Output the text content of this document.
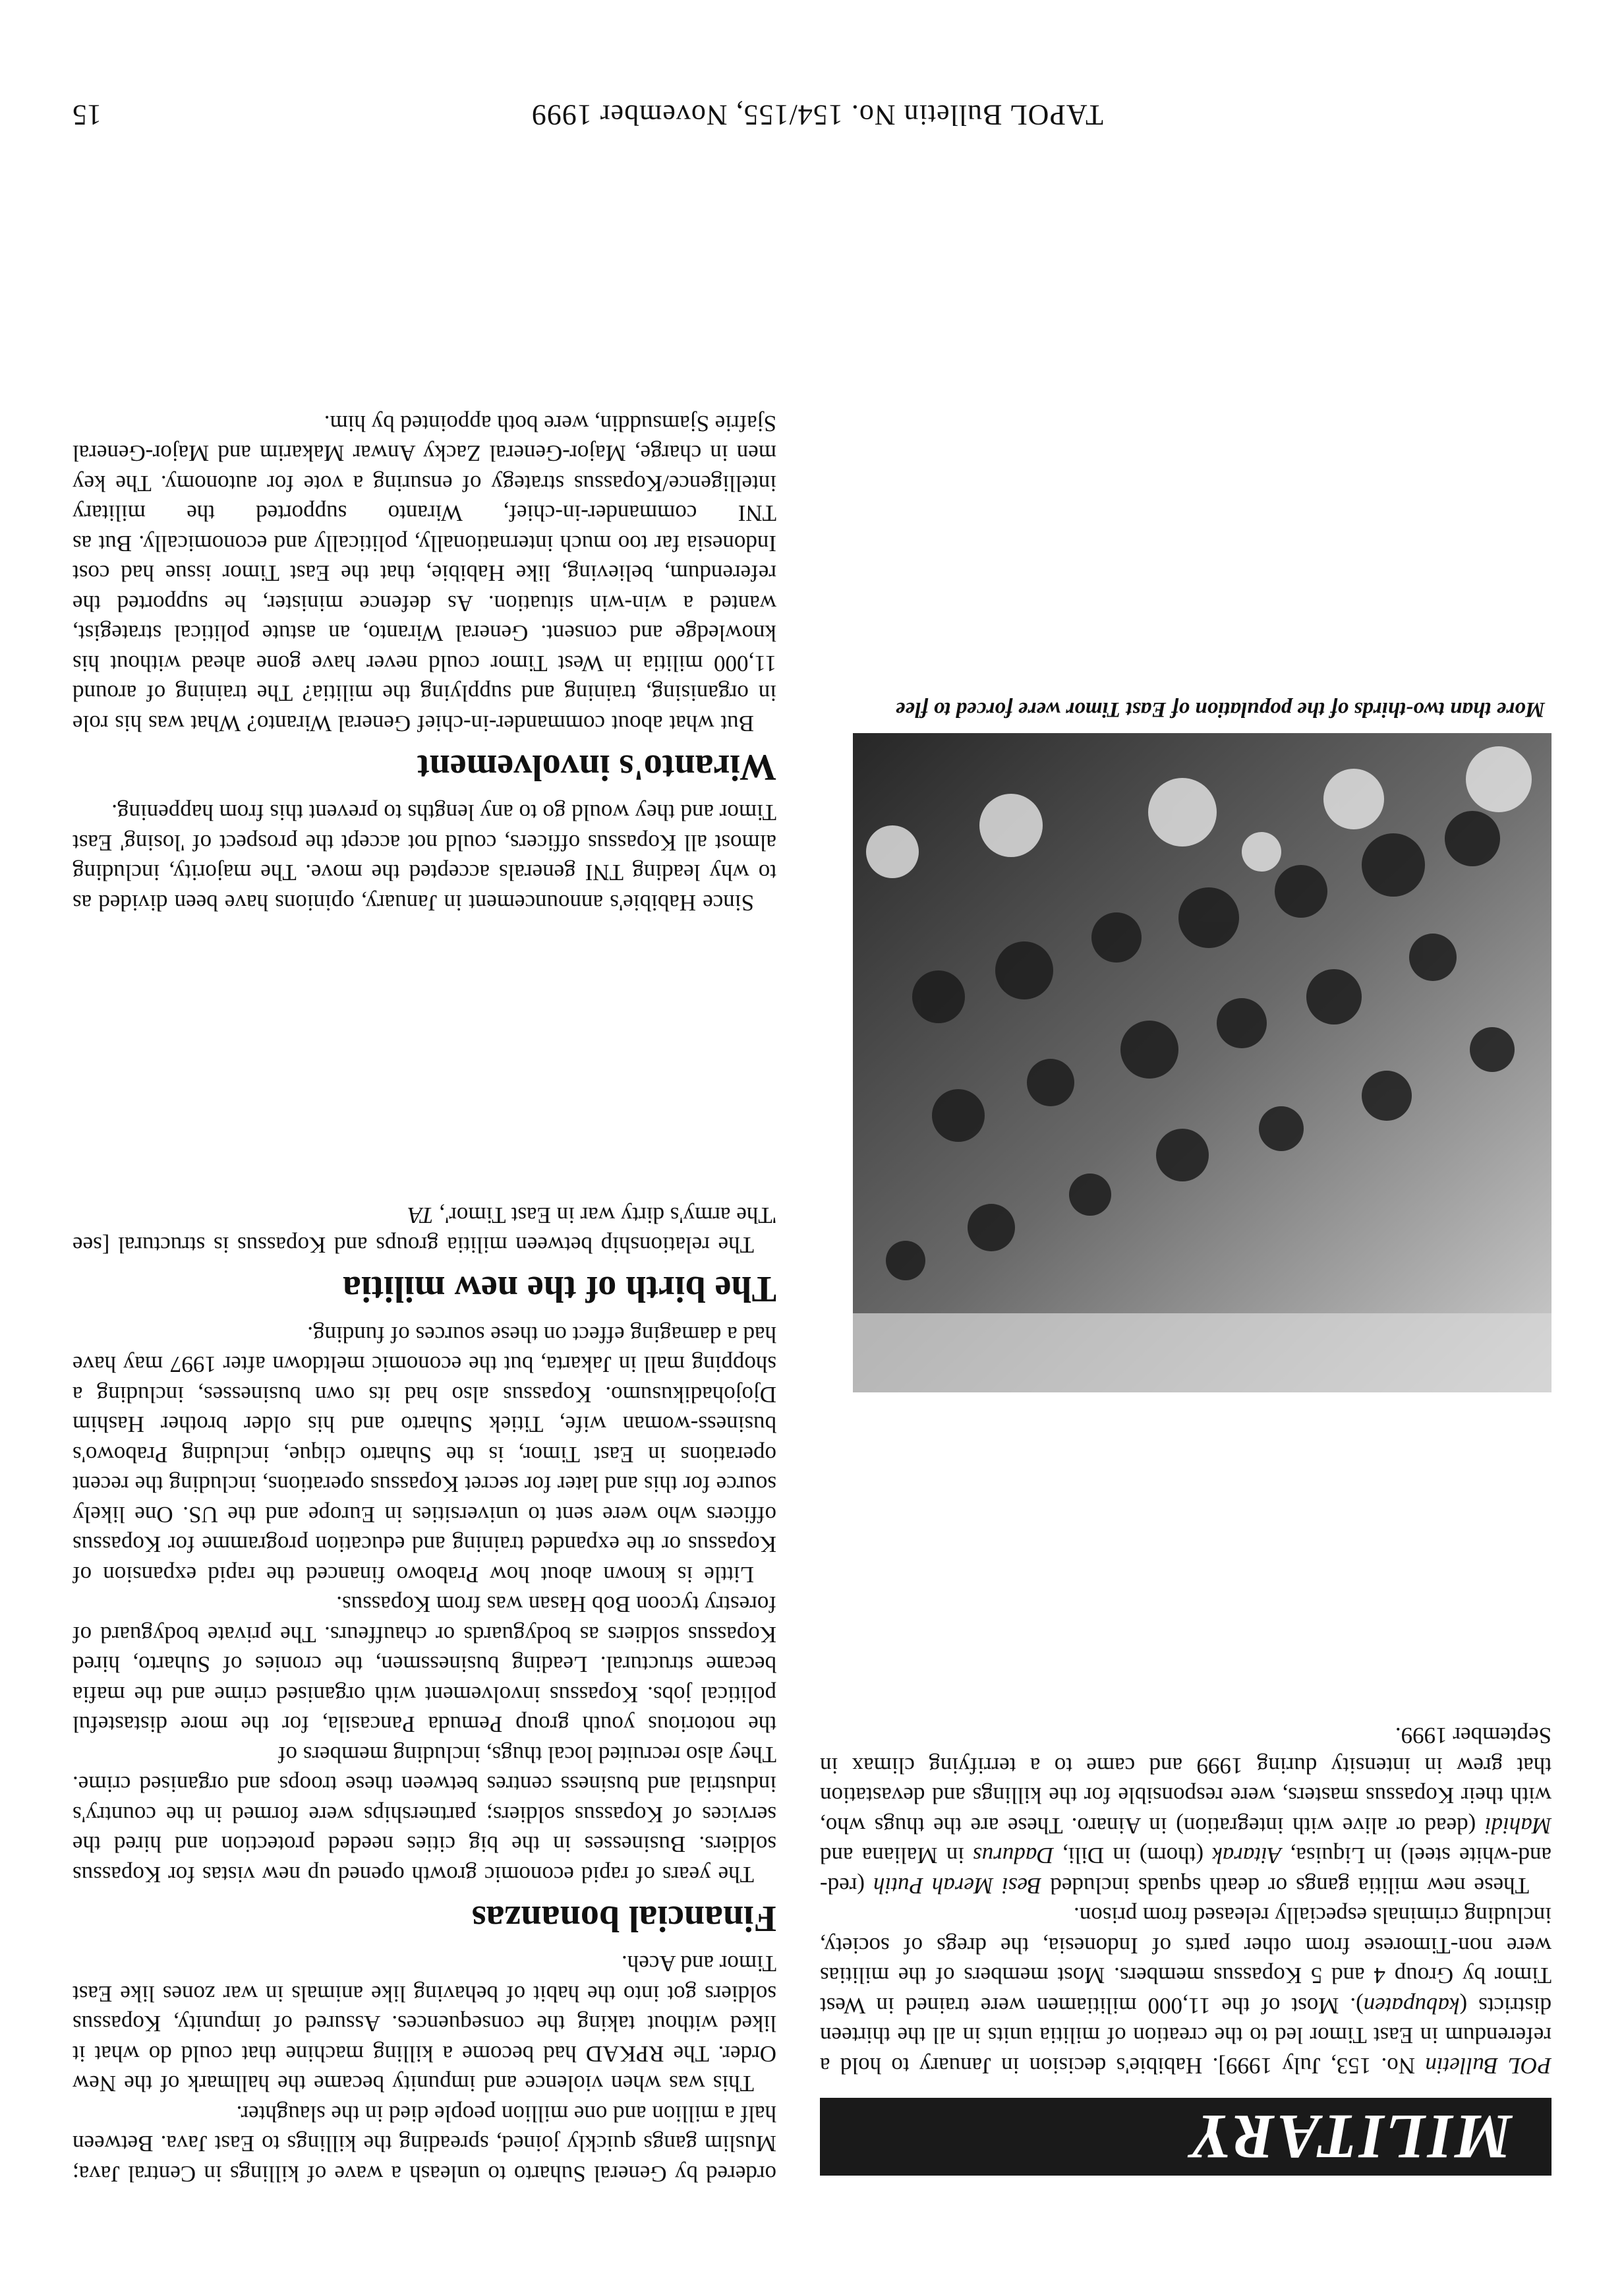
TAPOL Bulletin No. 154/155, November 1999
15

ordered by General Suharto to unleash a wave of killings in Central Java; Muslim gangs quickly joined, spreading the killings to East Java. Between half a million and one million people died in the slaughter.

This was when violence and impunity became the hallmark of the New Order. The RPKAD had become a killing machine that could do what it liked without taking the consequences. Assured of impunity, Kopassus soldiers got into the habit of behaving like animals in war zones like East Timor and Aceh.

Financial bonanzas

The years of rapid economic growth opened up new vistas for Kopassus soldiers. Businesses in the big cities needed protection and hired the services of Kopassus soldiers; partnerships were formed in the country's industrial and business centres between these troops and organised crime. They also recruited local thugs, including members of

the notorious youth group Pemuda Pancasila, for the more distasteful political jobs. Kopassus involvement with organised crime and the mafia became structural. Leading businessmen, the cronies of Suharto, hired Kopassus soldiers as bodyguards or chauffeurs. The private bodyguard of forestry tycoon Bob Hasan was from Kopassus.

Little is known about how Prabowo financed the rapid expansion of Kopassus or the expanded training and education programme for Kopassus officers who were sent to universities in Europe and the US. One likely source for this and later for secret Kopassus operations, including the recent operations in East Timor, is the Suharto clique, including Prabowo's business-woman wife, Titiek Suharto and his older brother Hashim Djojohadikusumo. Kopassus also had its own businesses, including a shopping mall in Jakarta, but the economic meltdown after 1997 may have had a damaging effect on these sources of funding.

The birth of the new militia

The relationship between militia groups and Kopassus is structural [see 'The army's dirty war in East Timor', TA

MILITARY

POL Bulletin No. 153, July 1999]. Habibie's decision in January to hold a referendum in East Timor led to the creation of militia units in all the thirteen districts (kabupaten). Most of the 11,000 militiamen were trained in West Timor by Group 4 and 5 Kopassus members. Most members of the militias were non-Timorese from other parts of Indonesia, the dregs of society, including criminals especially released from prison.

These new militia gangs or death squads included Besi Merah Putih (red-and-white steel) in Liquisa, Aitarak (thorn) in Dili, Dadurus in Maliana and Mahidi (dead or alive with integration) in Ainaro. These are the thugs who, with their Kopassus masters, were responsible for the killings and devastation that grew in intensity during 1999 and came to a terrifying climax in September 1999.

More than two-thirds of the population of East Timor were forced to flee

Since Habibie's announcement in January, opinions have been divided as to why leading TNI generals accepted the move. The majority, including almost all Kopassus officers, could not accept the prospect of 'losing' East Timor and they would go to any lengths to prevent this from happening.

Wiranto's involvement

But what about commander-in-chief General Wiranto? What was his role in organising, training and supplying the militia? The training of around 11,000 militia in West Timor could never have gone ahead without his knowledge and consent. General Wiranto, an astute political strategist, wanted a win-win situation. As defence minister, he supported the referendum, believing, like Habibie, that the East Timor issue had cost Indonesia far too much internationally, politically and economically. But as TNI commander-in-chief, Wiranto supported the military intelligence/Kopassus strategy of ensuring a vote for autonomy. The key men in charge, Major-General Zacky Anwar Makarim and Major-General Sjafrie Sjamsuddin, were both appointed by him.
